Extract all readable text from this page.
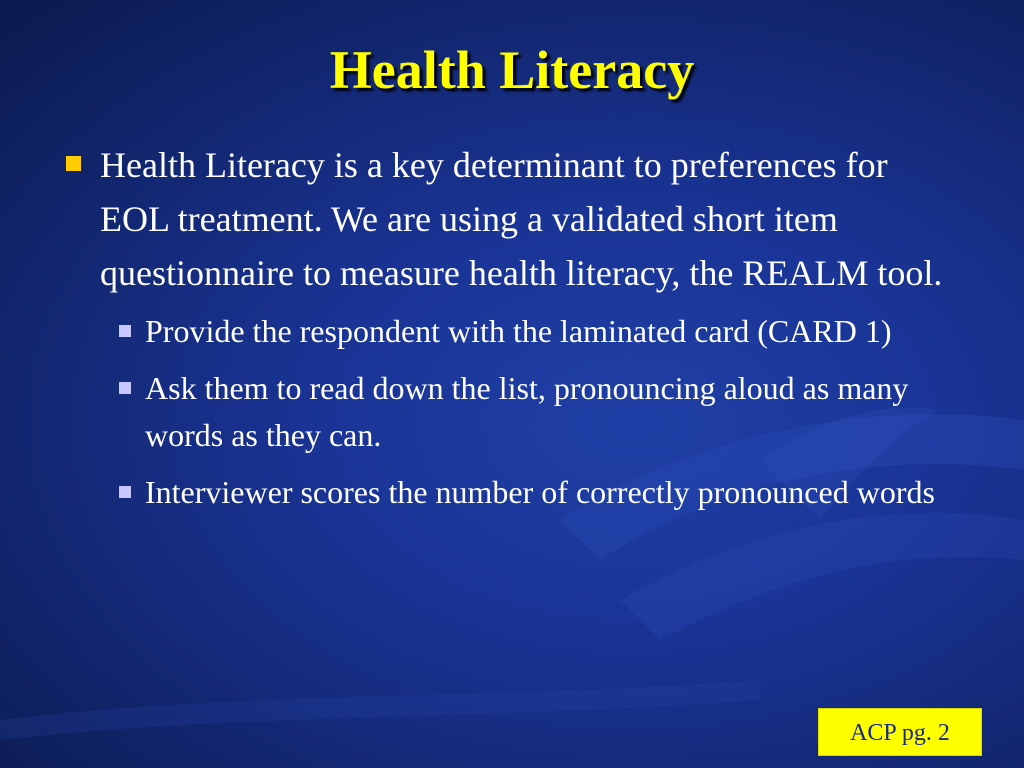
Health Literacy
Health Literacy is a key determinant to preferences for EOL treatment. We are using a validated short item questionnaire to measure health literacy, the REALM tool.
Provide the respondent with the laminated card (CARD 1)
Ask them to read down the list, pronouncing aloud as many words as they can.
Interviewer scores the number of correctly pronounced words
ACP pg. 2
